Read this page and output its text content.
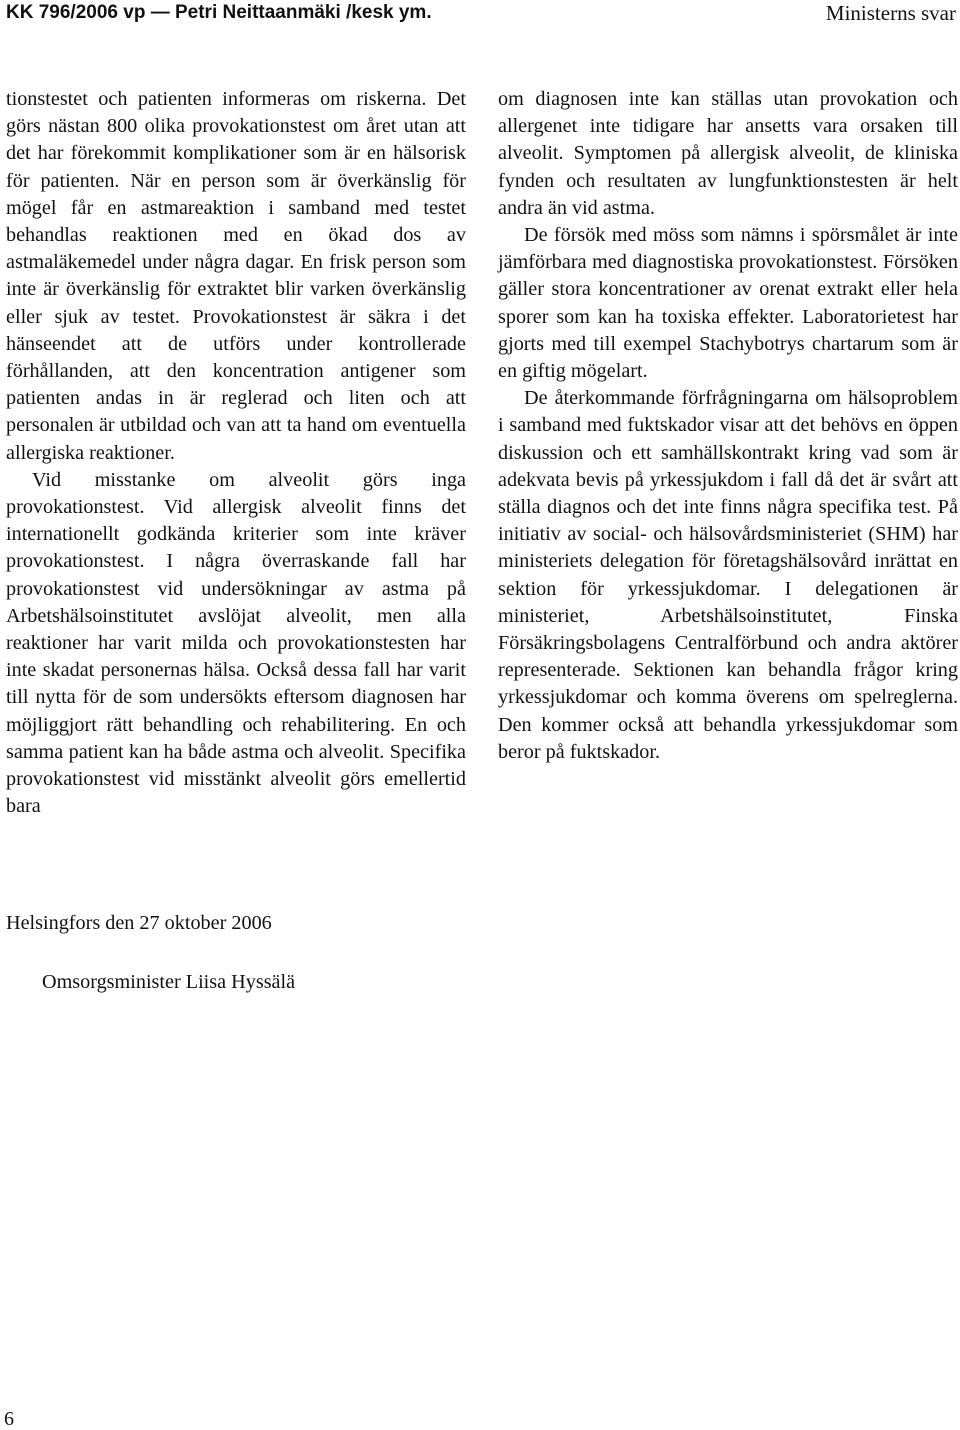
KK 796/2006 vp — Petri Neittaanmäki /kesk ym.	Ministerns svar

tionstestet och patienten informeras om riskerna. Det görs nästan 800 olika provokationstest om året utan att det har förekommit komplikationer som är en hälsorisk för patienten. När en person som är överkänslig för mögel får en astmareaktion i samband med testet behandlas reaktionen med en ökad dos av astmaläkemedel under några dagar. En frisk person som inte är överkänslig för extraktet blir varken överkänslig eller sjuk av testet. Provokationstest är säkra i det hänseendet att de utförs under kontrollerade förhållanden, att den koncentration antigener som patienten andas in är reglerad och liten och att personalen är utbildad och van att ta hand om eventuella allergiska reaktioner.

Vid misstanke om alveolit görs inga provokationstest. Vid allergisk alveolit finns det internationellt godkända kriterier som inte kräver provokationstest. I några överraskande fall har provokationstest vid undersökningar av astma på Arbetshälsoinstitutet avslöjat alveolit, men alla reaktioner har varit milda och provokationstesten har inte skadat personernas hälsa. Också dessa fall har varit till nytta för de som undersökts eftersom diagnosen har möjliggjort rätt behandling och rehabilitering. En och samma patient kan ha både astma och alveolit. Specifika provokationstest vid misstänkt alveolit görs emellertid bara

om diagnosen inte kan ställas utan provokation och allergenet inte tidigare har ansetts vara orsaken till alveolit. Symptomen på allergisk alveolit, de kliniska fynden och resultaten av lungfunktionstesten är helt andra än vid astma.

De försök med möss som nämns i spörsmålet är inte jämförbara med diagnostiska provokationstest. Försöken gäller stora koncentrationer av orenat extrakt eller hela sporer som kan ha toxiska effekter. Laboratorietest har gjorts med till exempel Stachybotrys chartarum som är en giftig mögelart.

De återkommande förfrågningarna om hälsoproblem i samband med fuktskador visar att det behövs en öppen diskussion och ett samhällskontrakt kring vad som är adekvata bevis på yrkessjukdom i fall då det är svårt att ställa diagnos och det inte finns några specifika test. På initiativ av social- och hälsovårdsministeriet (SHM) har ministeriets delegation för företagshälsovård inrättat en sektion för yrkessjukdomar. I delegationen är ministeriet, Arbetshälsoinstitutet, Finska Försäkringsbolagens Centralförbund och andra aktörer representerade. Sektionen kan behandla frågor kring yrkessjukdomar och komma överens om spelreglerna. Den kommer också att behandla yrkessjukdomar som beror på fuktskador.

Helsingfors den 27 oktober 2006
Omsorgsminister Liisa Hyssälä
6
